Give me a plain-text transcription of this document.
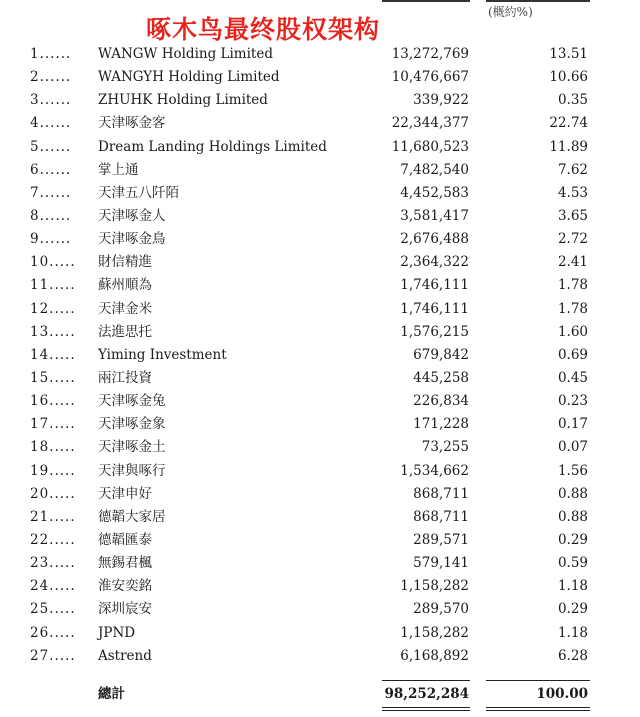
啄木鸟最终股权架构
(概約%)
1......	WANGW Holding Limited	13,272,769	13.51
2......	WANGYH Holding Limited	10,476,667	10.66
3......	ZHUHK Holding Limited	339,922	0.35
4......	天津啄金客	22,344,377	22.74
5......	Dream Landing Holdings Limited	11,680,523	11.89
6......	掌上通	7,482,540	7.62
7......	天津五八阡陌	4,452,583	4.53
8......	天津啄金人	3,581,417	3.65
9......	天津啄金鳥	2,676,488	2.72
10.....	財信精進	2,364,322	2.41
11.....	蘇州順為	1,746,111	1.78
12.....	天津金米	1,746,111	1.78
13.....	法進思托	1,576,215	1.60
14.....	Yiming Investment	679,842	0.69
15.....	兩江投資	445,258	0.45
16.....	天津啄金兔	226,834	0.23
17.....	天津啄金象	171,228	0.17
18.....	天津啄金土	73,255	0.07
19.....	天津與啄行	1,534,662	1.56
20.....	天津申好	868,711	0.88
21.....	德韜大家居	868,711	0.88
22.....	德韜匯泰	289,571	0.29
23.....	無錫君楓	579,141	0.59
24.....	淮安奕銘	1,158,282	1.18
25.....	深圳宸安	289,570	0.29
26.....	JPND	1,158,282	1.18
27.....	Astrend	6,168,892	6.28
總計	98,252,284	100.00
